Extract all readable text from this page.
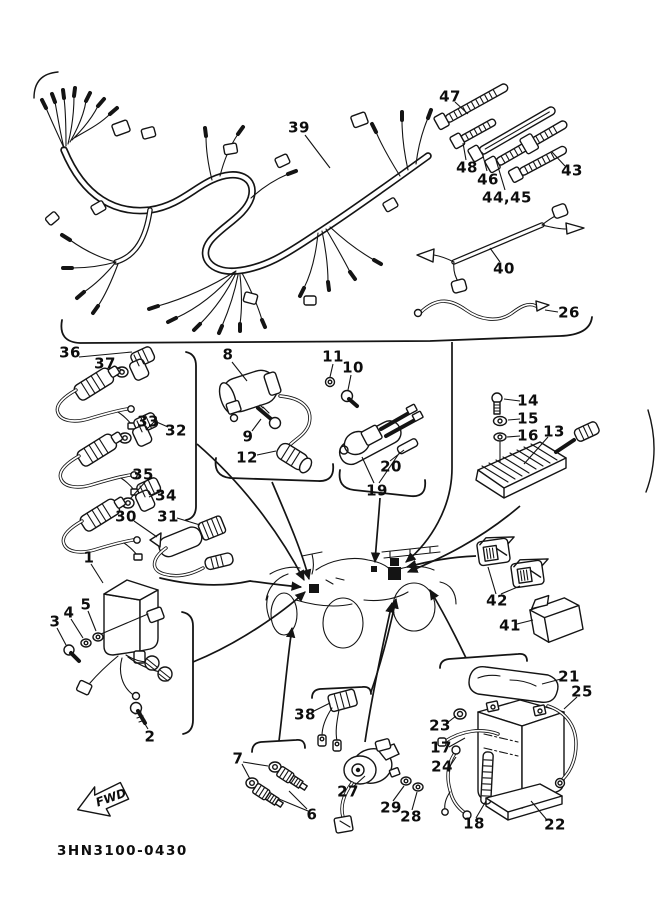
FWD
39
47
48
46
44,45
43
40
26
36
37
33 32
35
34
8	11
10
9
12	20
19
14
15
16 13
30 31
1
5
4
3
2
42
41
38
21
25
23
17
24
18	22
27
29
28
7
6
3HN3100-0430
